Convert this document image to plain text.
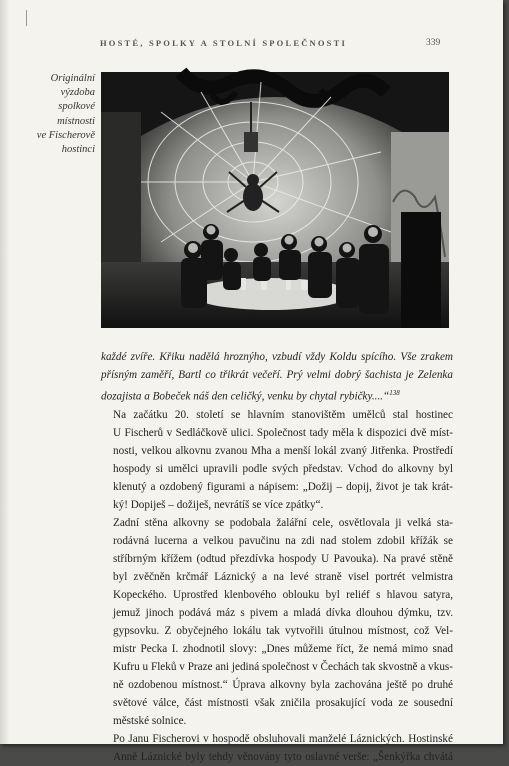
HOSTÉ, SPOLKY A STOLNÍ SPOLEČNOSTI	339
Originální
výzdoba
spolkové
místnosti
ve Fischerově
hostinci

každé zvíře. Křiku nadělá hroznýho, vzbudí vždy Koldu spícího. Vše zrakem
přísným zaměří, Bartl co třikrát večeří. Prý velmi dobrý šachista je Zelenka
dozajista a Bobeček náš den celičký, venku by chytal rybičky....“$^{138}$

Na začátku 20. století se hlavním stanovištěm umělců stal hostinec
U Fischerů v Sedláčkově ulici. Společnost tady měla k dispozici dvě míst-
nosti, velkou alkovnu zvanou Mha a menší lokál zvaný Jitřenka. Prostředí
hospody si umělci upravili podle svých představ. Vchod do alkovny byl
klenutý a ozdobený figurami a nápisem: „Dožij – dopij, život je tak krát-
ký! Dopiješ – dožiješ, nevrátíš se více zpátky“.

Zadní stěna alkovny se podobala žalářní cele, osvětlovala ji velká sta-
rodávná lucerna a velkou pavučinu na zdi nad stolem zdobil křížák se
stříbrným křížem (odtud přezdívka hospody U Pavouka). Na pravé stěně
byl zvěčněn krčmář Láznický a na levé straně visel portrét velmistra
Kopeckého. Uprostřed klenbového oblouku byl reliéf s hlavou satyra,
jemuž jinoch podává máz s pivem a mladá dívka dlouhou dýmku, tzv.
gypsovku. Z obyčejného lokálu tak vytvořili útulnou místnost, což Vel-
mistr Pecka I. zhodnotil slovy: „Dnes můžeme říct, že nemá mimo snad
Kufru u Fleků v Praze ani jediná společnost v Čechách tak skvostně a vkus-
ně ozdobenou místnost.“ Úprava alkovny byla zachována ještě po druhé
světové válce, část místnosti však zničila prosakující voda ze sousední
městské solnice.

Po Janu Fischerovi v hospodě obsluhovali manželé Láznických. Hostinské
Anně Láznické byly tehdy věnovány tyto oslavné verše: „Šenkýřka chvátá
